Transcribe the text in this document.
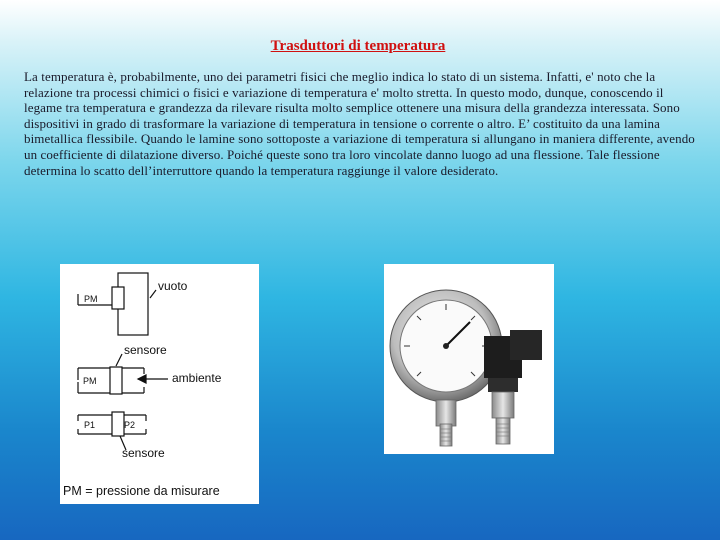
Trasduttori di temperatura
La temperatura è, probabilmente, uno dei parametri fisici che meglio indica lo stato di un sistema. Infatti, e' noto che la relazione tra processi chimici o fisici e variazione di temperatura e' molto stretta. In questo modo, dunque, conoscendo il legame tra temperatura e grandezza da rilevare risulta molto semplice ottenere una misura della grandezza interessata. Sono dispositivi in grado di trasformare la variazione di temperatura in tensione o corrente o altro. E’ costituito da una lamina bimetallica flessibile. Quando le lamine sono sottoposte a variazione di temperatura si allungano in maniera differente, avendo un coefficiente di dilatazione diverso. Poiché queste sono tra loro vincolate danno luogo ad una flessione. Tale flessione determina lo scatto dell’interruttore quando la temperatura raggiunge il valore desiderato.
vuoto
PM
sensore
PM	ambiente
P1	P2
sensore
PM = pressione da misurare
